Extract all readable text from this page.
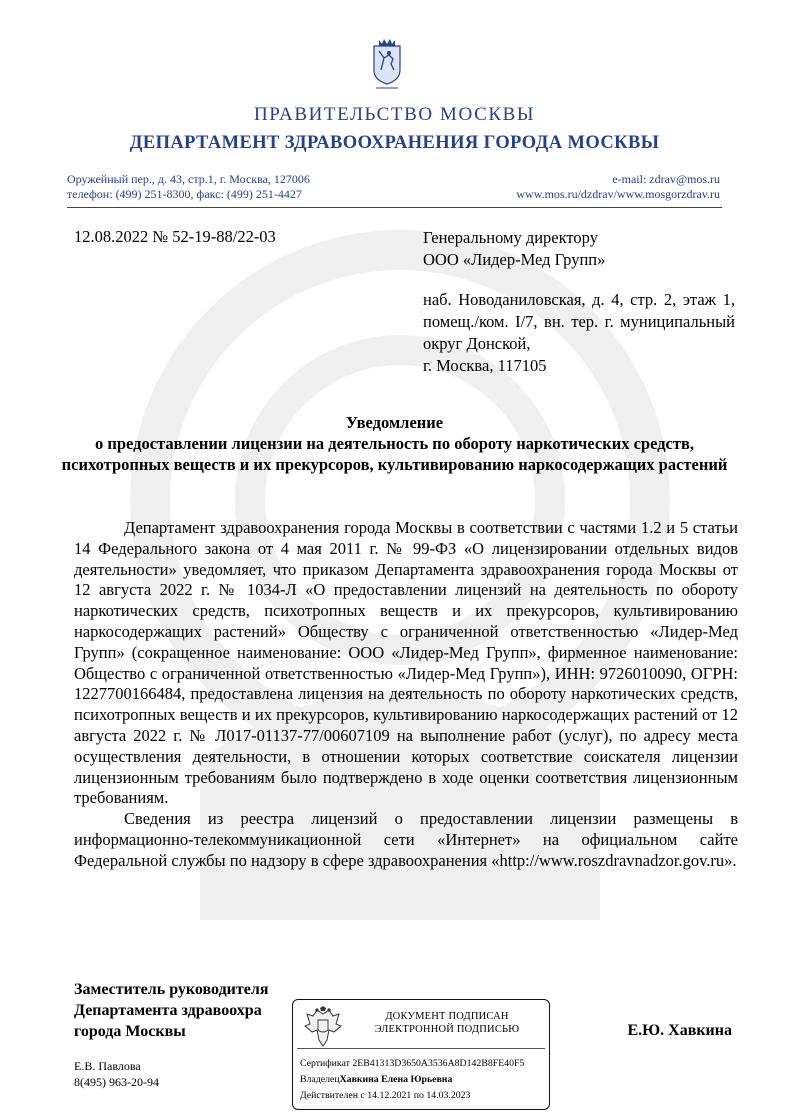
ПРАВИТЕЛЬСТВО МОСКВЫ
ДЕПАРТАМЕНТ ЗДРАВООХРАНЕНИЯ ГОРОДА МОСКВЫ
Оружейный пер., д. 43, стр.1, г. Москва, 127006
телефон: (499) 251-8300, факс: (499) 251-4427
e-mail: zdrav@mos.ru
www.mos.ru/dzdrav/www.mosgorzdrav.ru
12.08.2022 № 52-19-88/22-03	Генеральному директору
ООО «Лидер-Мед Групп»
наб. Новоданиловская, д. 4, стр. 2, этаж 1, помещ./ком. I/7, вн. тер. г. муниципальный округ Донской,
г. Москва, 117105
Уведомление
о предоставлении лицензии на деятельность по обороту наркотических средств, психотропных веществ и их прекурсоров, культивированию наркосодержащих растений

Департамент здравоохранения города Москвы в соответствии с частями 1.2 и 5 статьи 14 Федерального закона от 4 мая 2011 г. № 99-ФЗ «О лицензировании отдельных видов деятельности» уведомляет, что приказом Департамента здравоохранения города Москвы от 12 августа 2022 г. № 1034-Л «О предоставлении лицензий на деятельность по обороту наркотических средств, психотропных веществ и их прекурсоров, культивированию наркосодержащих растений» Обществу с ограниченной ответственностью «Лидер-Мед Групп» (сокращенное наименование: ООО «Лидер-Мед Групп», фирменное наименование: Общество с ограниченной ответственностью «Лидер-Мед Групп»), ИНН: 9726010090, ОГРН: 1227700166484, предоставлена лицензия на деятельность по обороту наркотических средств, психотропных веществ и их прекурсоров, культивированию наркосодержащих растений от 12 августа 2022 г. № Л017-01137-77/00607109 на выполнение работ (услуг), по адресу места осуществления деятельности, в отношении которых соответствие соискателя лицензии лицензионным требованиям было подтверждено в ходе оценки соответствия лицензионным требованиям.

Сведения из реестра лицензий о предоставлении лицензии размещены в информационно-телекоммуникационной сети «Интернет» на официальном сайте Федеральной службы по надзору в сфере здравоохранения «http://www.roszdravnadzor.gov.ru».

Заместитель руководителя
Департамента здравоохра
города Москвы	Е.Ю. Хавкина
ДОКУМЕНТ ПОДПИСАН
ЭЛЕКТРОННОЙ ПОДПИСЬЮ
Сертификат 2EB41313D3650A3536A8D142B8FE40F5
ВладелецХавкина Елена Юрьевна
Действителен с 14.12.2021 по 14.03.2023
Е.В. Павлова
8(495) 963-20-94
